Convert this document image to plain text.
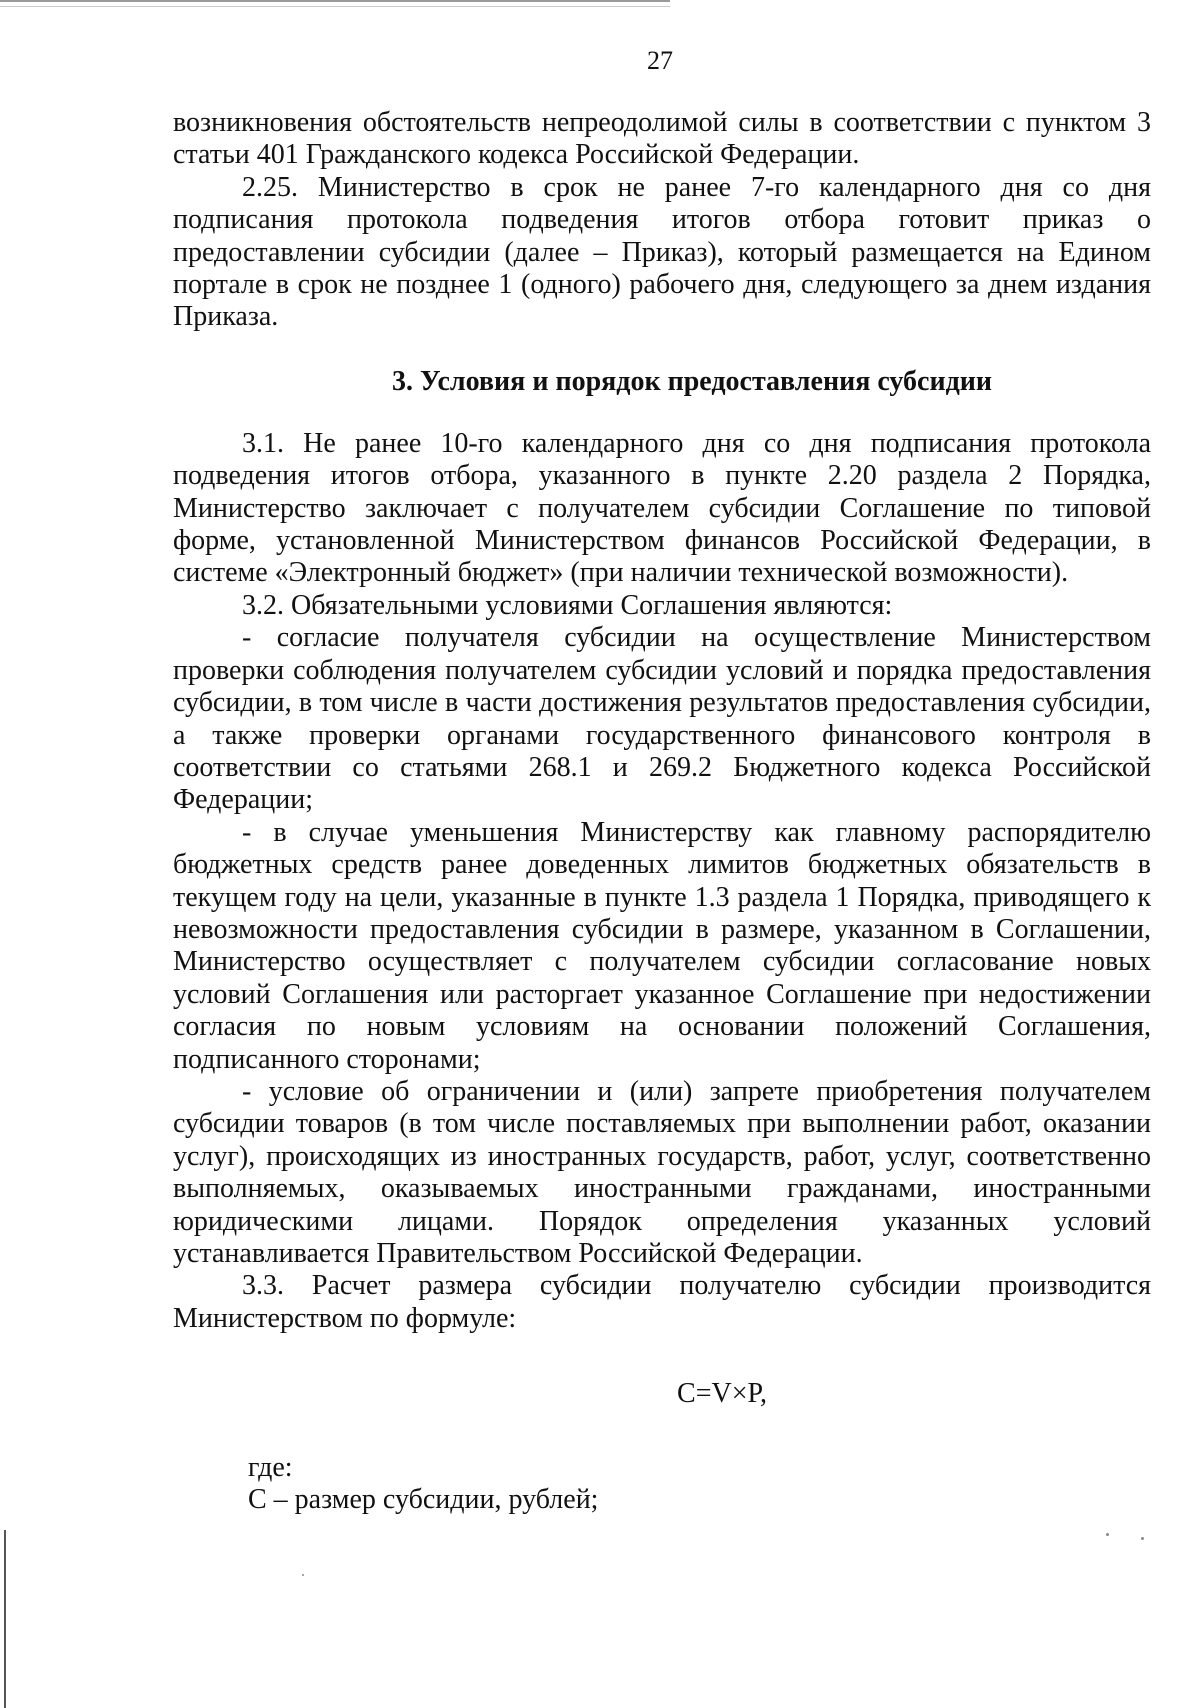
27

возникновения обстоятельств непреодолимой силы в соответствии с пунктом 3 статьи 401 Гражданского кодекса Российской Федерации.

2.25. Министерство в срок не ранее 7-го календарного дня со дня подписания протокола подведения итогов отбора готовит приказ о предоставлении субсидии (далее – Приказ), который размещается на Едином портале в срок не позднее 1 (одного) рабочего дня, следующего за днем издания Приказа.

3. Условия и порядок предоставления субсидии

3.1. Не ранее 10-го календарного дня со дня подписания протокола подведения итогов отбора, указанного в пункте 2.20 раздела 2 Порядка, Министерство заключает с получателем субсидии Соглашение по типовой форме, установленной Министерством финансов Российской Федерации, в системе «Электронный бюджет» (при наличии технической возможности).

3.2. Обязательными условиями Соглашения являются:

- согласие получателя субсидии на осуществление Министерством проверки соблюдения получателем субсидии условий и порядка предоставления субсидии, в том числе в части достижения результатов предоставления субсидии, а также проверки органами государственного финансового контроля в соответствии со статьями 268.1 и 269.2 Бюджетного кодекса Российской Федерации;

- в случае уменьшения Министерству как главному распорядителю бюджетных средств ранее доведенных лимитов бюджетных обязательств в текущем году на цели, указанные в пункте 1.3 раздела 1 Порядка, приводящего к невозможности предоставления субсидии в размере, указанном в Соглашении, Министерство осуществляет с получателем субсидии согласование новых условий Соглашения или расторгает указанное Соглашение при недостижении согласия по новым условиям на основании положений Соглашения, подписанного сторонами;

- условие об ограничении и (или) запрете приобретения получателем субсидии товаров (в том числе поставляемых при выполнении работ, оказании услуг), происходящих из иностранных государств, работ, услуг, соответственно выполняемых, оказываемых иностранными гражданами, иностранными юридическими лицами. Порядок определения указанных условий устанавливается Правительством Российской Федерации.

3.3. Расчет размера субсидии получателю субсидии производится Министерством по формуле:

C=V×P,

где:

C – размер субсидии, рублей;
